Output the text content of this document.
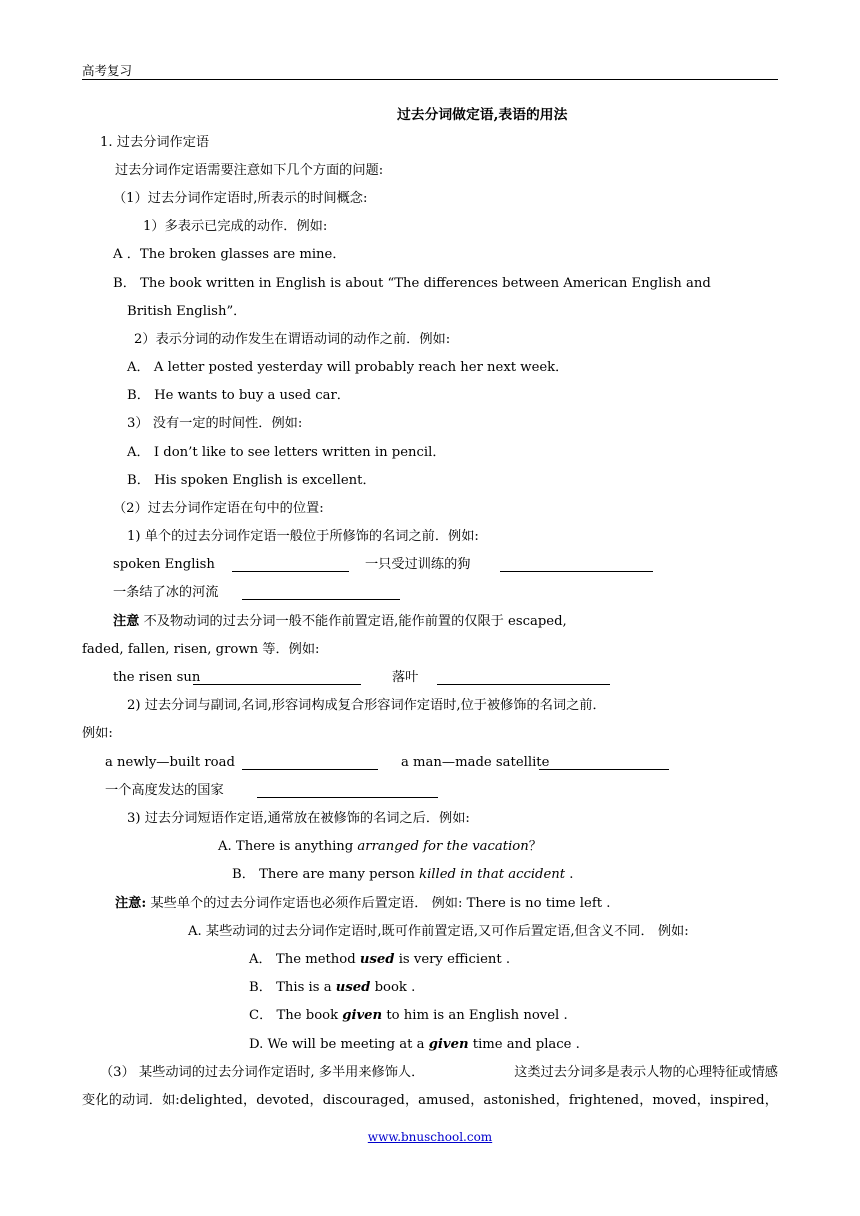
高考复习
过去分词做定语,表语的用法
1. 过去分词作定语
过去分词作定语需要注意如下几个方面的问题:
（1）过去分词作定语时,所表示的时间概念:
1）多表示已完成的动作．例如:
A ．The broken glasses are mine．
B． The book written in English is about “The differences between American English and
British English”．
2）表示分词的动作发生在谓语动词的动作之前．例如:
A． A letter posted yesterday will probably reach her next week．
B． He wants to buy a used car．
3） 没有一定的时间性．例如:
A． I don’t like to see letters written in pencil．
B． His spoken English is excellent．
（2）过去分词作定语在句中的位置:
1) 单个的过去分词作定语一般位于所修饰的名词之前．例如:
spoken English	一只受过训练的狗
一条结了冰的河流
注意 不及物动词的过去分词一般不能作前置定语,能作前置的仅限于 escaped,
faded, fallen, risen, grown 等．例如:
the risen sun	落叶
2) 过去分词与副词,名词,形容词构成复合形容词作定语时,位于被修饰的名词之前．
例如:
a newly—built road	a man—made satellite
一个高度发达的国家
3) 过去分词短语作定语,通常放在被修饰的名词之后．例如:
A. There is anything arranged for the vacation？
B． There are many person killed in that accident .
注意: 某些单个的过去分词作定语也必须作后置定语． 例如: There is no time left .
A. 某些动词的过去分词作定语时,既可作前置定语,又可作后置定语,但含义不同． 例如:
A． The method used is very efficient .
B． This is a used book .
C． The book given to him is an English novel .
D. We will be meeting at a given time and place .
（3） 某些动词的过去分词作定语时, 多半用来修饰人．	这类过去分词多是表示人物的心理特征或情感
变 化 的 动 词 ． 如:delighted ，devoted ，discouraged ，amused ，astonished ，frightened ，moved ，inspired ，
www.bnuschool.com
